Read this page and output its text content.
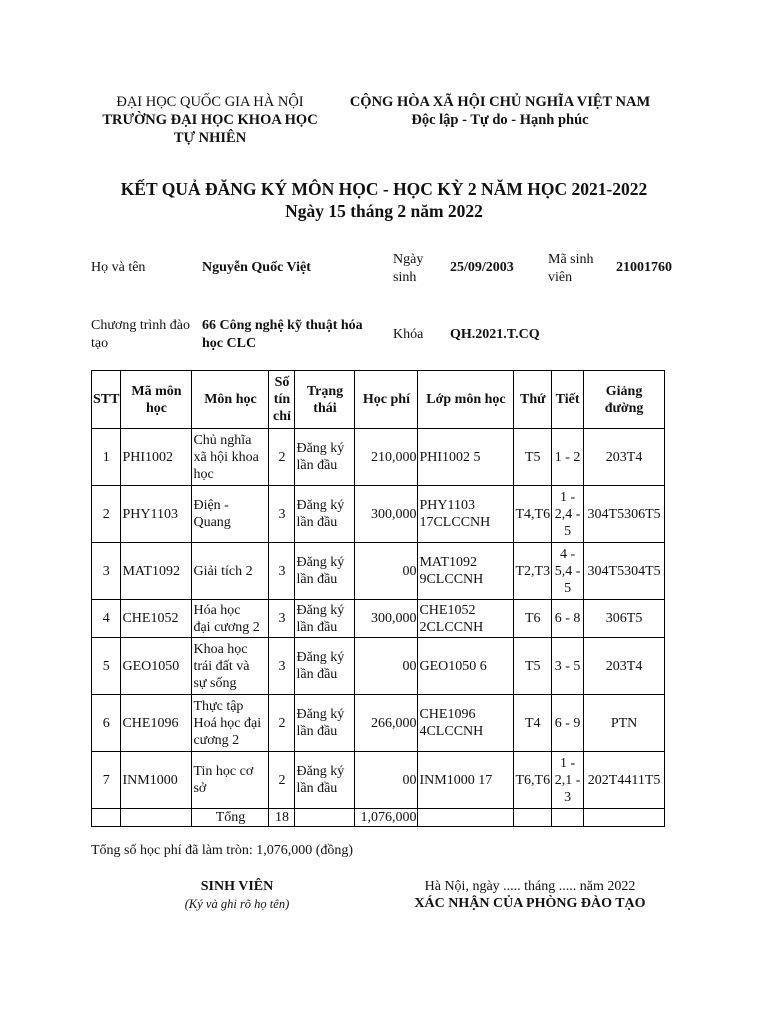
ĐẠI HỌC QUỐC GIA HÀ NỘI
TRƯỜNG ĐẠI HỌC KHOA HỌC
TỰ NHIÊN
CỘNG HÒA XÃ HỘI CHỦ NGHĨA VIỆT NAM
Độc lập - Tự do - Hạnh phúc
KẾT QUẢ ĐĂNG KÝ MÔN HỌC - HỌC KỲ 2 NĂM HỌC 2021-2022
Ngày 15 tháng 2 năm 2022
Họ và tên	Nguyễn Quốc Việt
Ngày
sinh
25/09/2003
Mã sinh
viên
21001760
Chương trình đào
tạo
66 Công nghệ kỹ thuật hóa
học CLC
Khóa QH.2021.T.CQ
STT	Mã môn
học	Môn học	Số
tín
chỉ	Trạng
thái	Học phí	Lớp môn học	Thứ	Tiết	Giảng
đường
1	PHI1002	Chủ nghĩa
xã hội khoa
học	2	Đăng ký
lần đầu	210,000	PHI1002 5	T5	1 - 2	203T4
2	PHY1103	Điện -
Quang	3	Đăng ký
lần đầu	300,000	PHY1103
17CLCCNH	T4,T6	1 -
2,4 -
5	304T5306T5
3	MAT1092	Giải tích 2	3	Đăng ký
lần đầu	00	MAT1092
9CLCCNH	T2,T3	4 -
5,4 -
5	304T5304T5
4	CHE1052	Hóa học
đại cương 2	3	Đăng ký
lần đầu	300,000	CHE1052
2CLCCNH	T6	6 - 8	306T5
5	GEO1050	Khoa học
trái đất và
sự sống	3	Đăng ký
lần đầu	00	GEO1050 6	T5	3 - 5	203T4
6	CHE1096	Thực tập
Hoá học đại
cương 2	2	Đăng ký
lần đầu	266,000	CHE1096
4CLCCNH	T4	6 - 9	PTN
7	INM1000	Tin học cơ
sở	2	Đăng ký
lần đầu	00	INM1000 17	T6,T6	1 -
2,1 -
3	202T4411T5
		Tổng	18		1,076,000				
Tổng số học phí đã làm tròn: 1,076,000 (đồng)
SINH VIÊN
(Ký và ghi rõ họ tên)
Hà Nội, ngày ..... tháng ..... năm 2022
XÁC NHẬN CỦA PHÒNG ĐÀO TẠO
